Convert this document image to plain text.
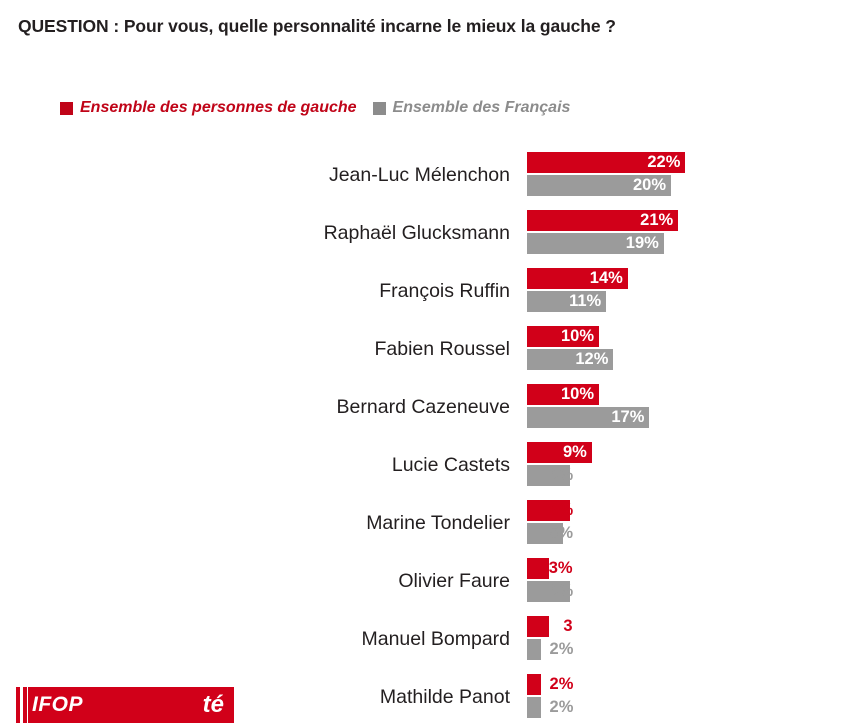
QUESTION : Pour vous, quelle personnalité incarne le mieux la gauche ?
Ensemble des personnes de gauche Ensemble des Français
Jean-Luc Mélenchon
22%
20%
Raphaël Glucksmann
21%
19%
François Ruffin
14%
11%
Fabien Roussel
10%
12%
Bernard Cazeneuve
10%
17%
Lucie Castets
9%
6%
Marine Tondelier
6%
5%
Olivier Faure
3%
6%
Manuel Bompard
3
2%
Mathilde Panot
2%
2%
IFOP	té
